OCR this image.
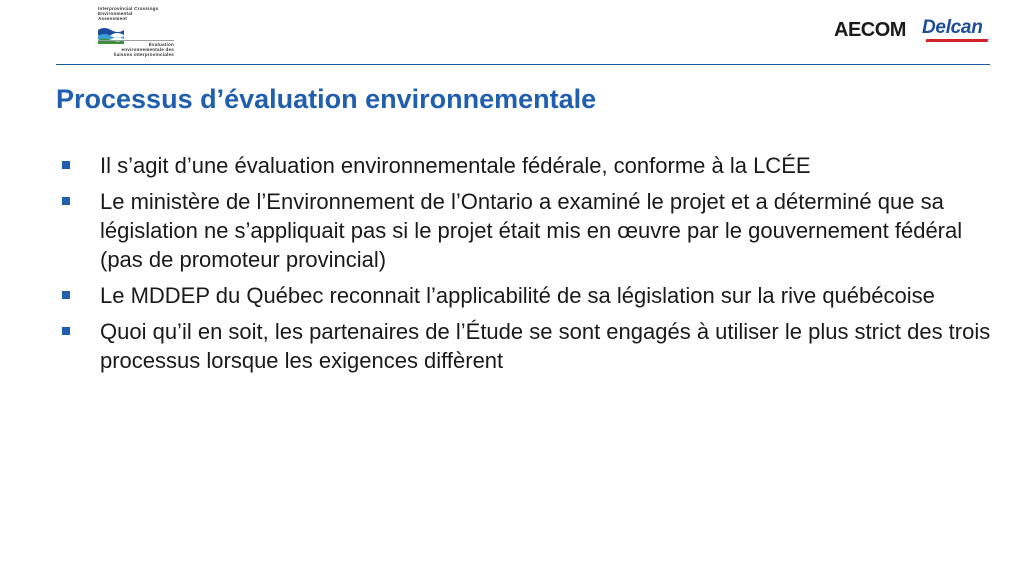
Interprovincial Crossings
Environmental
Assessment
Évaluation
environnementale des
liaisons interprovinciales
AECOM Delcan
Processus d’évaluation environnementale
Il s’agit d’une évaluation environnementale fédérale, conforme à la LCÉE
Le ministère de l’Environnement de l’Ontario a examiné le projet et a déterminé que sa législation ne s’appliquait pas si le projet était mis en œuvre par le gouvernement fédéral (pas de promoteur provincial)
Le MDDEP du Québec reconnait l’applicabilité de sa législation sur la rive québécoise
Quoi qu’il en soit, les partenaires de l’Étude se sont engagés à utiliser le plus strict des trois processus lorsque les exigences diffèrent
